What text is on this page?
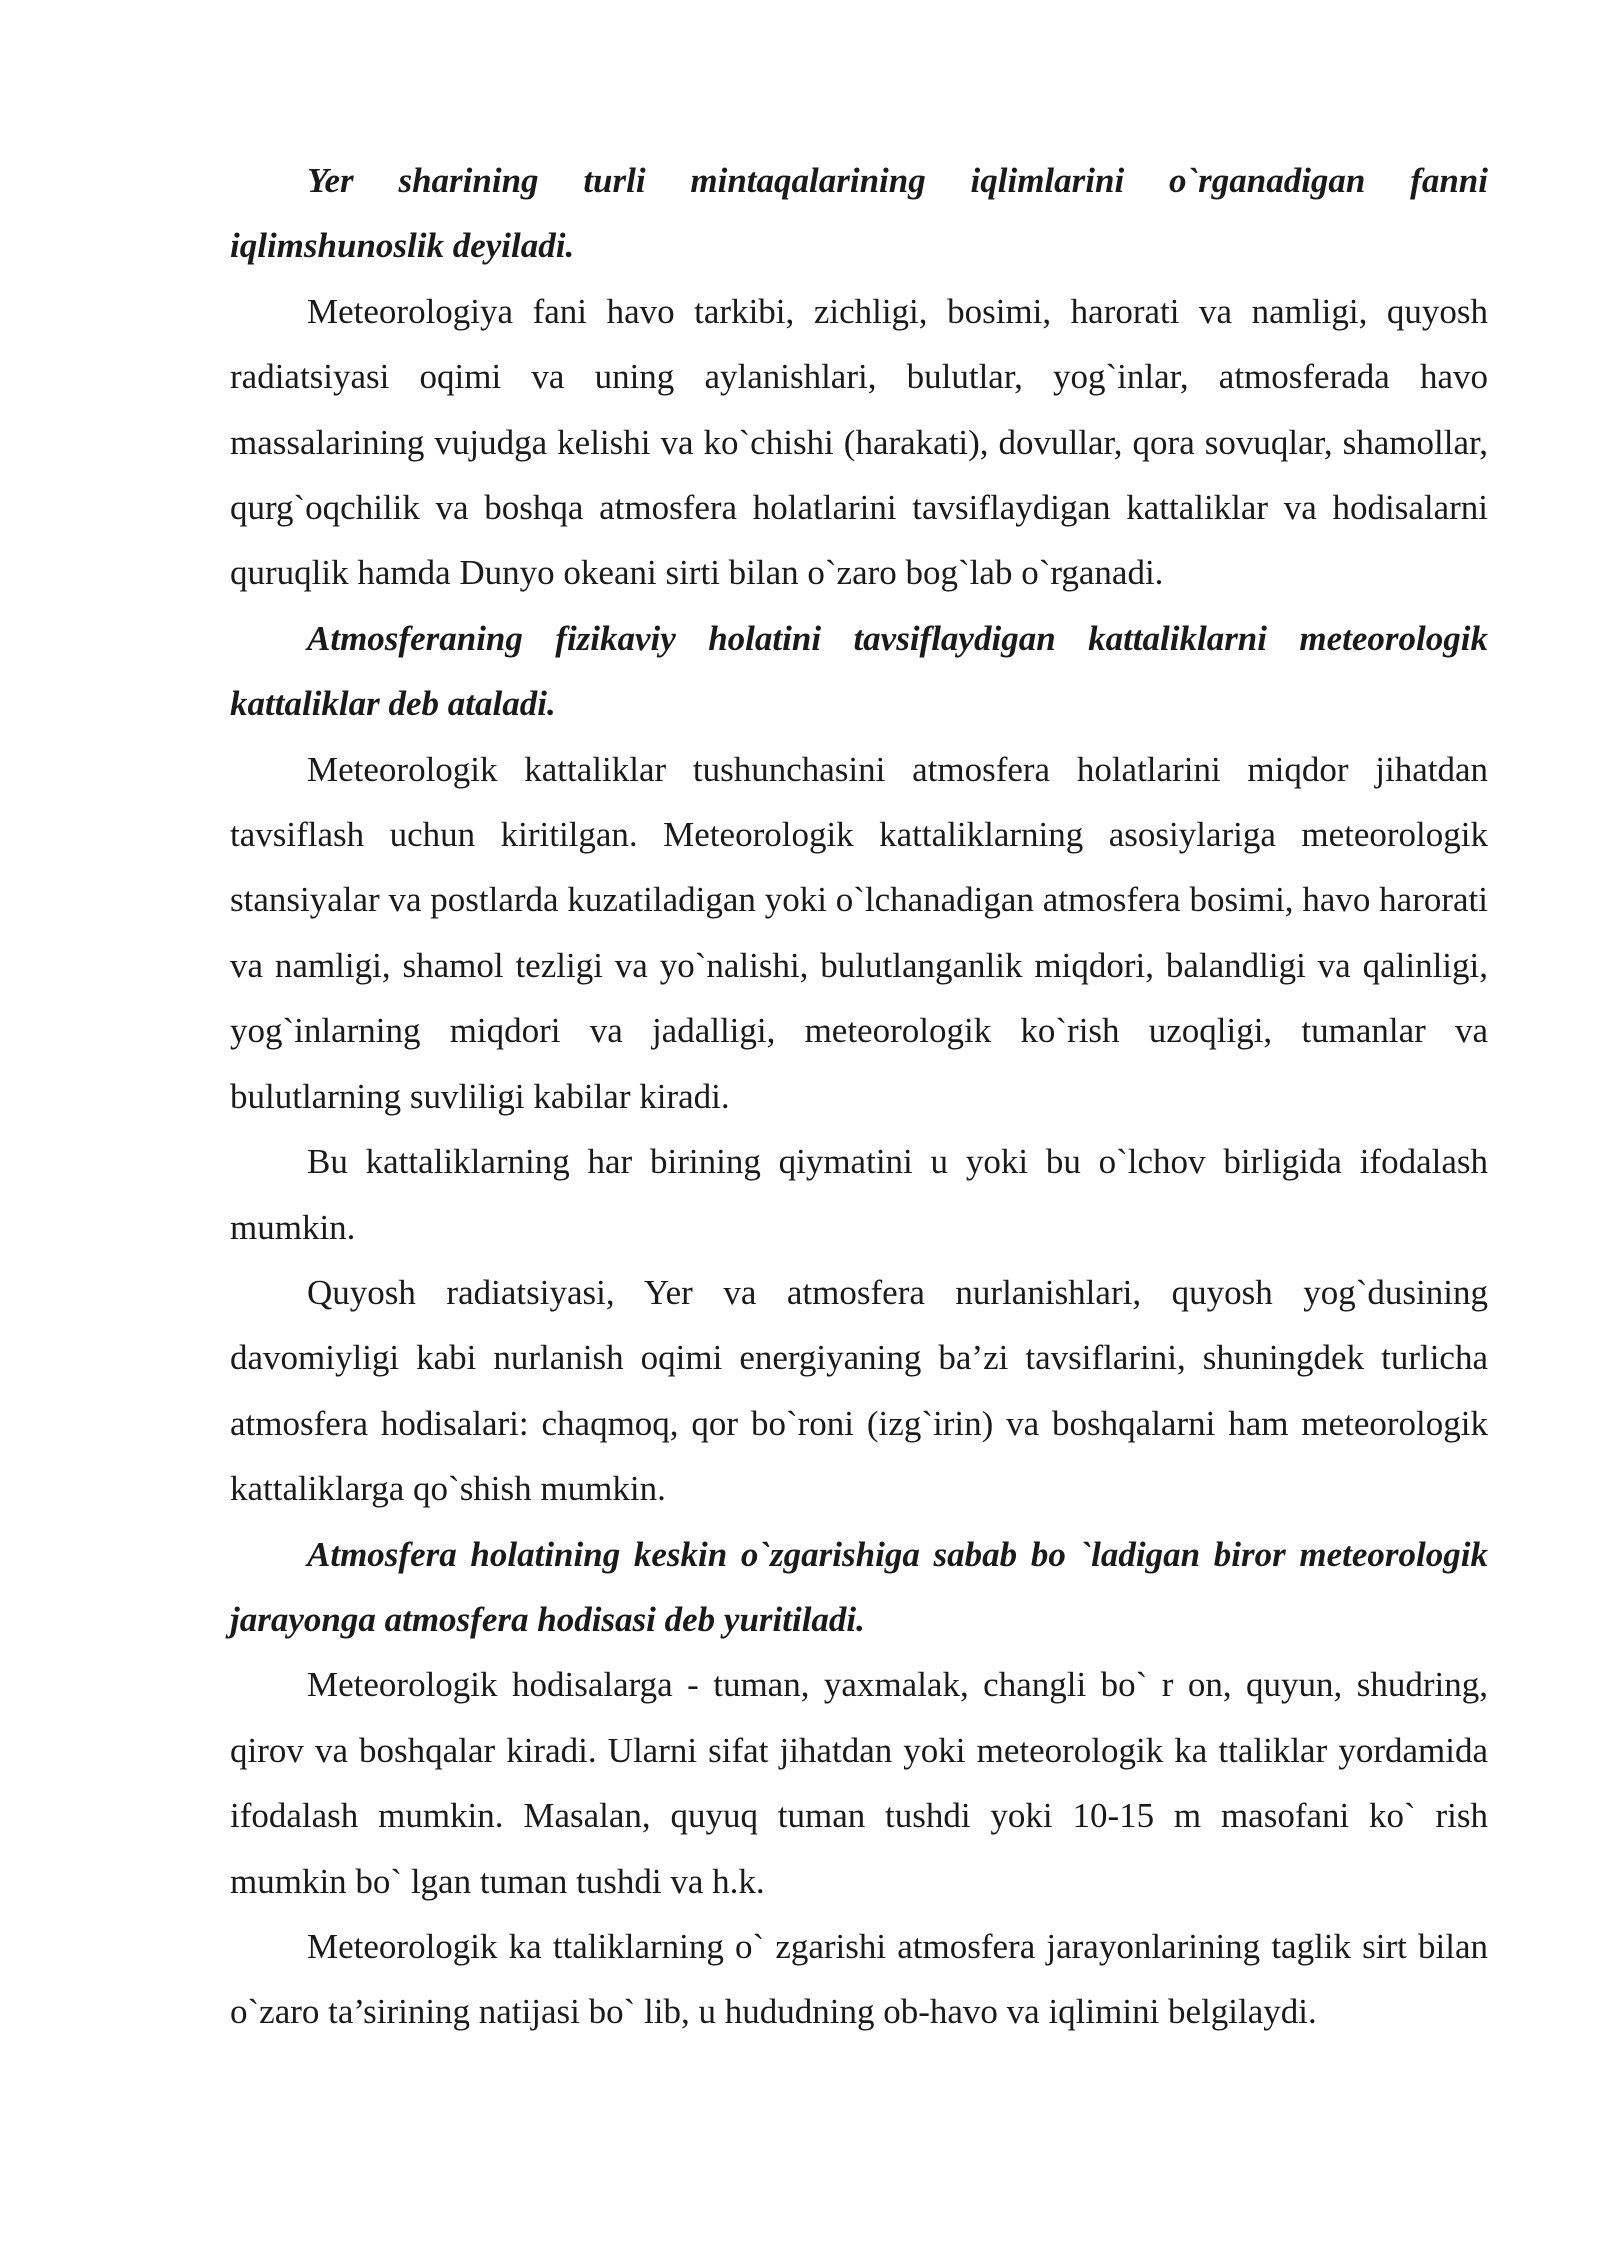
Yer sharining turli mintaqalarining iqlimlarini o`rganadigan fanni iqlimshunoslik deyiladi.

Meteorologiya fani havo tarkibi, zichligi, bosimi, harorati va namligi, quyosh radiatsiyasi oqimi va uning aylanishlari, bulutlar, yog`inlar, atmosferada havo massalarining vujudga kelishi va ko`chishi (harakati), dovullar, qora sovuqlar, shamollar, qurg`oqchilik va boshqa atmosfera holatlarini tavsiflaydigan kattaliklar va hodisalarni quruqlik hamda Dunyo okeani sirti bilan o`zaro bog`lab o`rganadi.

Atmosferaning fizikaviy holatini tavsiflaydigan kattaliklarni meteorologik kattaliklar deb ataladi.

Meteorologik kattaliklar tushunchasini atmosfera holatlarini miqdor jihatdan tavsiflash uchun kiritilgan. Meteorologik kattaliklarning asosiylariga meteorologik stansiyalar va postlarda kuzatiladigan yoki o`lchanadigan atmosfera bosimi, havo harorati va namligi, shamol tezligi va yo`nalishi, bulutlanganlik miqdori, balandligi va qalinligi, yog`inlarning miqdori va jadalligi, meteorologik ko`rish uzoqligi, tumanlar va bulutlarning suvliligi kabilar kiradi.

Bu kattaliklarning har birining qiymatini u yoki bu o`lchov birligida ifodalash mumkin.

Quyosh radiatsiyasi, Yer va atmosfera nurlanishlari, quyosh yog`dusining davomiyligi kabi nurlanish oqimi energiyaning ba’zi tavsiflarini, shuningdek turlicha atmosfera hodisalari: chaqmoq, qor bo`roni (izg`irin) va boshqalarni ham meteorologik kattaliklarga qo`shish mumkin.

Atmosfera holatining keskin o`zgarishiga sabab bo `ladigan biror meteorologik jarayonga atmosfera hodisasi deb yuritiladi.

Meteorologik hodisalarga - tuman, yaxmalak, changli bo` r on, quyun, shudring, qirov va boshqalar kiradi. Ularni sifat jihatdan yoki meteorologik ka ttaliklar yordamida ifodalash mumkin. Masalan, quyuq tuman tushdi yoki 10-15 m masofani ko` rish mumkin bo` lgan tuman tushdi va h.k.

Meteorologik ka ttaliklarning o` zgarishi atmosfera jarayonlarining taglik sirt bilan o`zaro ta’sirining natijasi bo` lib, u hududning ob-havo va iqlimini belgilaydi.
